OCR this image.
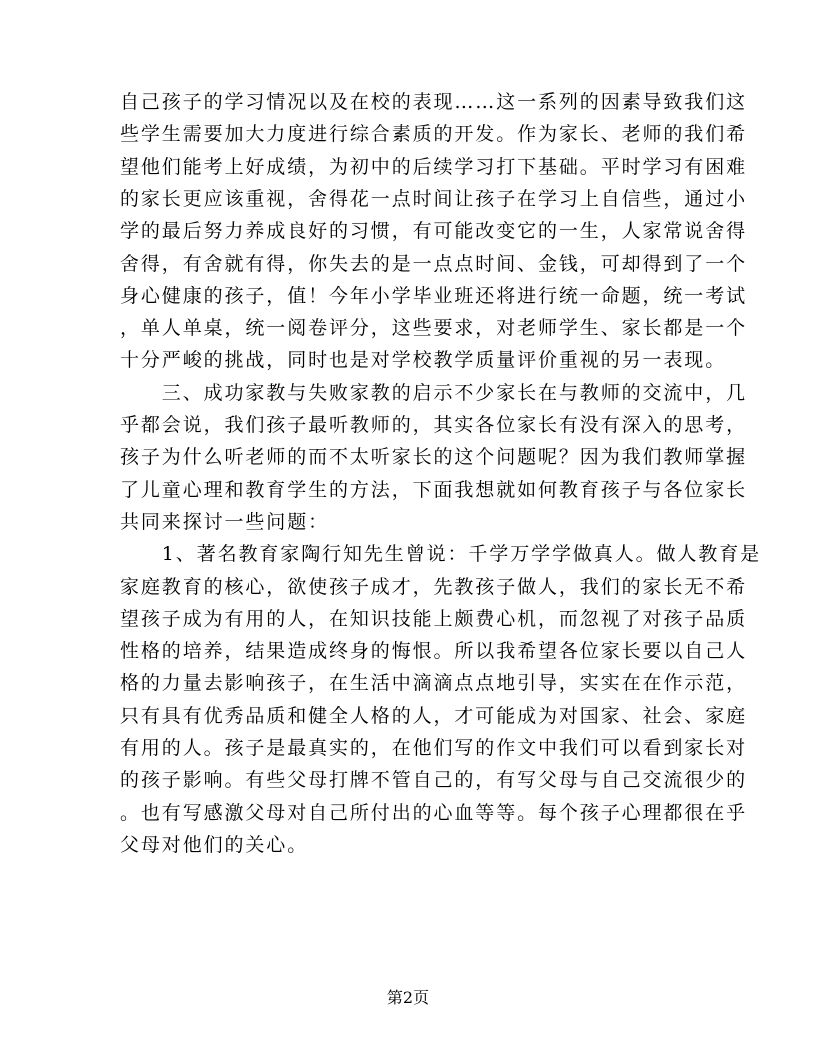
自己孩子的学习情况以及在校的表现……这一系列的因素导致我们这

些学生需要加大力度进行综合素质的开发。作为家长、老师的我们希

望他们能考上好成绩，为初中的后续学习打下基础。平时学习有困难

的家长更应该重视，舍得花一点时间让孩子在学习上自信些，通过小

学的最后努力养成良好的习惯，有可能改变它的一生，人家常说舍得

舍得，有舍就有得，你失去的是一点点时间、金钱，可却得到了一个

身心健康的孩子，值！今年小学毕业班还将进行统一命题，统一考试

，单人单桌，统一阅卷评分，这些要求，对老师学生、家长都是一个

十分严峻的挑战，同时也是对学校教学质量评价重视的另一表现。

　　三、成功家教与失败家教的启示不少家长在与教师的交流中，几

乎都会说，我们孩子最听教师的，其实各位家长有没有深入的思考，

孩子为什么听老师的而不太听家长的这个问题呢？因为我们教师掌握

了儿童心理和教育学生的方法，下面我想就如何教育孩子与各位家长

共同来探讨一些问题：

　　1、著名教育家陶行知先生曾说：千学万学学做真人。做人教育是

家庭教育的核心，欲使孩子成才，先教孩子做人，我们的家长无不希

望孩子成为有用的人，在知识技能上颇费心机，而忽视了对孩子品质

性格的培养，结果造成终身的悔恨。所以我希望各位家长要以自己人

格的力量去影响孩子，在生活中滴滴点点地引导，实实在在作示范，

只有具有优秀品质和健全人格的人，才可能成为对国家、社会、家庭

有用的人。孩子是最真实的，在他们写的作文中我们可以看到家长对

的孩子影响。有些父母打牌不管自己的，有写父母与自己交流很少的

。也有写感激父母对自己所付出的心血等等。每个孩子心理都很在乎

父母对他们的关心。

第2页
